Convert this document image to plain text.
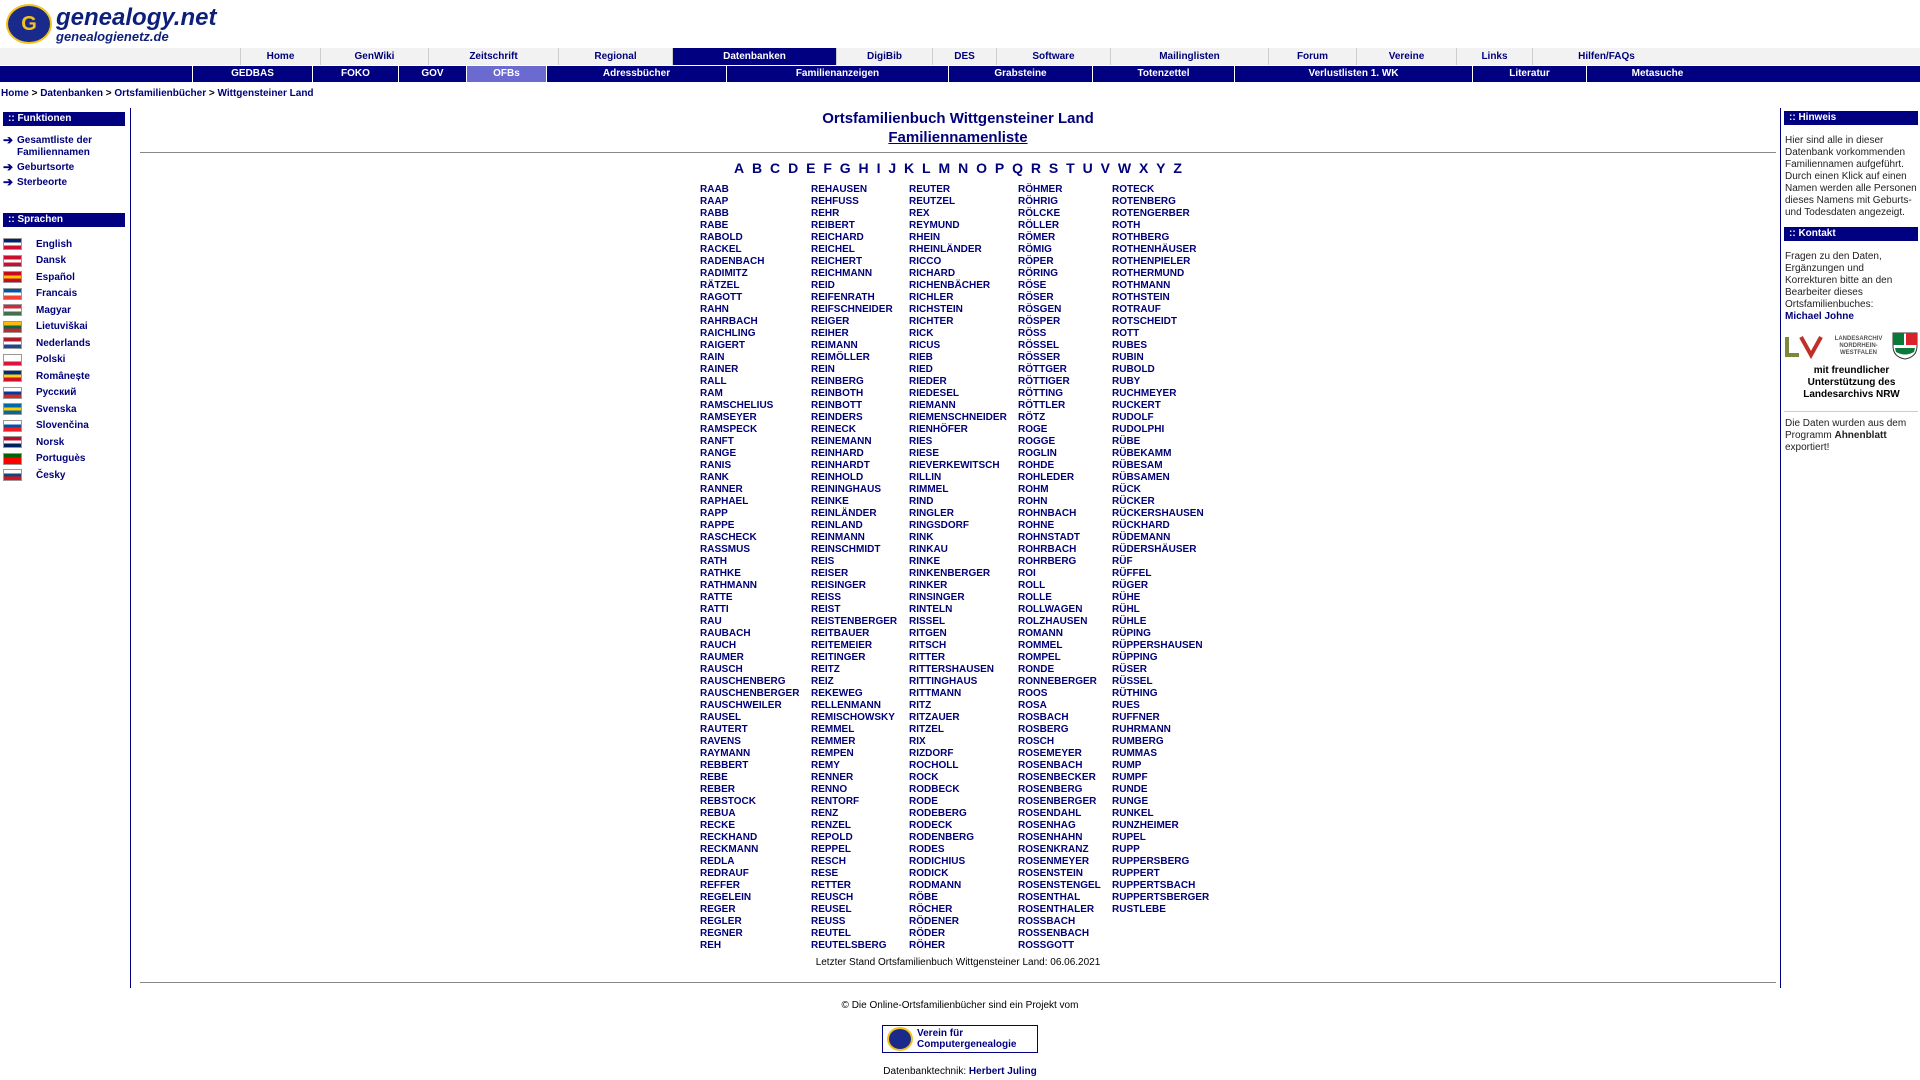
G genealogy.net
genealogienetz.de
Home	GenWiki	Zeitschrift	Regional	Datenbanken	DigiBib	DES	Software	Mailinglisten	Forum	Vereine	Links	Hilfen/FAQs
GEDBAS	FOKO	GOV	OFBs	Adressbücher	Familienanzeigen	Grabsteine	Totenzettel	Verlustlisten 1. WK	Literatur	Metasuche
Home > Datenbanken > Ortsfamilienbücher > Wittgensteiner Land
:: Funktionen
➔ Gesamtliste der Familiennamen
➔ Geburtsorte
➔ Sterbeorte
:: Sprachen
English
Dansk
Español
Francais
Magyar
Lietuviškai
Nederlands
Polski
Românește
Русский
Svenska
Slovenčina
Norsk
Portuguès
Česky
Ortsfamilienbuch Wittgensteiner Land
Familiennamenliste
A B C D E F G H I J K L M N O P Q R S T U V W X Y Z
RAAB
RAAP
RABB
RABE
RABOLD
RACKEL
RADENBACH
RADIMITZ
RÄTZEL
RAGOTT
RAHN
RAHRBACH
RAICHLING
RAIGERT
RAIN
RAINER
RALL
RAM
RAMSCHELIUS
RAMSEYER
RAMSPECK
RANFT
RANGE
RANIS
RANK
RANNER
RAPHAEL
RAPP
RAPPE
RASCHECK
RASSMUS
RATH
RATHKE
RATHMANN
RATTE
RATTI
RAU
RAUBACH
RAUCH
RAUMER
RAUSCH
RAUSCHENBERG
RAUSCHENBERGER
RAUSCHWEILER
RAUSEL
RAUTERT
RAVENS
RAYMANN
REBBERT
REBE
REBER
REBSTOCK
REBUA
RECKE
RECKHAND
RECKMANN
REDLA
REDRAUF
REFFER
REGELEIN
REGER
REGLER
REGNER
REH
REHAUSEN
REHFUSS
REHR
REIBERT
REICHARD
REICHEL
REICHERT
REICHMANN
REID
REIFENRATH
REIFSCHNEIDER
REIGER
REIHER
REIMANN
REIMÖLLER
REIN
REINBERG
REINBOTH
REINBOTT
REINDERS
REINECK
REINEMANN
REINHARD
REINHARDT
REINHOLD
REININGHAUS
REINKE
REINLÄNDER
REINLAND
REINMANN
REINSCHMIDT
REIS
REISER
REISINGER
REISS
REIST
REISTENBERGER
REITBAUER
REITEMEIER
REITINGER
REITZ
REIZ
REKEWEG
RELLENMANN
REMISCHOWSKY
REMMEL
REMMER
REMPEN
REMY
RENNER
RENNO
RENTORF
RENZ
RENZEL
REPOLD
REPPEL
RESCH
RESE
RETTER
REUSCH
REUSEL
REUSS
REUTEL
REUTELSBERG
REUTER
REUTZEL
REX
REYMUND
RHEIN
RHEINLÄNDER
RICCO
RICHARD
RICHENBÄCHER
RICHLER
RICHSTEIN
RICHTER
RICK
RICUS
RIEB
RIED
RIEDER
RIEDESEL
RIEMANN
RIEMENSCHNEIDER
RIENHÖFER
RIES
RIESE
RIEVERKEWITSCH
RILLIN
RIMMEL
RIND
RINGLER
RINGSDORF
RINK
RINKAU
RINKE
RINKENBERGER
RINKER
RINSINGER
RINTELN
RISSEL
RITGEN
RITSCH
RITTER
RITTERSHAUSEN
RITTINGHAUS
RITTMANN
RITZ
RITZAUER
RITZEL
RIX
RIZDORF
ROCHOLL
ROCK
RODBECK
RODE
RODEBERG
RODECK
RODENBERG
RODES
RODICHIUS
RODICK
RODMANN
RÖBE
RÖCHER
RÖDENER
RÖDER
RÖHER
RÖHMER
RÖHRIG
RÖLCKE
RÖLLER
RÖMER
RÖMIG
RÖPER
RÖRING
RÖSE
RÖSER
RÖSGEN
RÖSPER
RÖSS
RÖSSEL
RÖSSER
RÖTTGER
RÖTTIGER
RÖTTING
RÖTTLER
RÖTZ
ROGE
ROGGE
ROGLIN
ROHDE
ROHLEDER
ROHM
ROHN
ROHNBACH
ROHNE
ROHNSTADT
ROHRBACH
ROHRBERG
ROI
ROLL
ROLLE
ROLLWAGEN
ROLZHAUSEN
ROMANN
ROMMEL
ROMPEL
RONDE
RONNEBERGER
ROOS
ROSA
ROSBACH
ROSBERG
ROSCH
ROSEMEYER
ROSENBACH
ROSENBECKER
ROSENBERG
ROSENBERGER
ROSENDAHL
ROSENHAG
ROSENHAHN
ROSENKRANZ
ROSENMEYER
ROSENSTEIN
ROSENSTENGEL
ROSENTHAL
ROSENTHALER
ROSSBACH
ROSSENBACH
ROSSGOTT
ROTECK
ROTENBERG
ROTENGERBER
ROTH
ROTHBERG
ROTHENHÄUSER
ROTHENPIELER
ROTHERMUND
ROTHMANN
ROTHSTEIN
ROTRAUF
ROTSCHEIDT
ROTT
RUBES
RUBIN
RUBOLD
RUBY
RUCHMEYER
RUCKERT
RUDOLF
RUDOLPHI
RÜBE
RÜBEKAMM
RÜBESAM
RÜBSAMEN
RÜCK
RÜCKER
RÜCKERSHAUSEN
RÜCKHARD
RÜDEMANN
RÜDERSHÄUSER
RÜF
RÜFFEL
RÜGER
RÜHE
RÜHL
RÜHLE
RÜPING
RÜPPERSHAUSEN
RÜPPING
RÜSER
RÜSSEL
RÜTHING
RUES
RUFFNER
RUHRMANN
RUMBERG
RUMMAS
RUMP
RUMPF
RUNDE
RUNGE
RUNKEL
RUNZHEIMER
RUPEL
RUPP
RUPPERSBERG
RUPPERT
RUPPERTSBACH
RUPPERTSBERGER
RUSTLEBE
Letzter Stand Ortsfamilienbuch Wittgensteiner Land: 06.06.2021
:: Hinweis

Hier sind alle in dieser Datenbank vorkommenden Familiennamen aufgeführt. Durch einen Klick auf einen Namen werden alle Personen dieses Namens mit Geburts- und Todesdaten angezeigt.

:: Kontakt

Fragen zu den Daten, Ergänzungen und Korrekturen bitte an den Bearbeiter dieses Ortsfamilienbuches:
Michael Johne

LANDESARCHIV NORDRHEIN-WESTFALEN

mit freundlicher Unterstützung des Landesarchivs NRW

Die Daten wurden aus dem Programm Ahnenblatt exportiert!

© Die Online-Ortsfamilienbücher sind ein Projekt vom
Verein für
Computergenealogie
Datenbanktechnik: Herbert Juling
